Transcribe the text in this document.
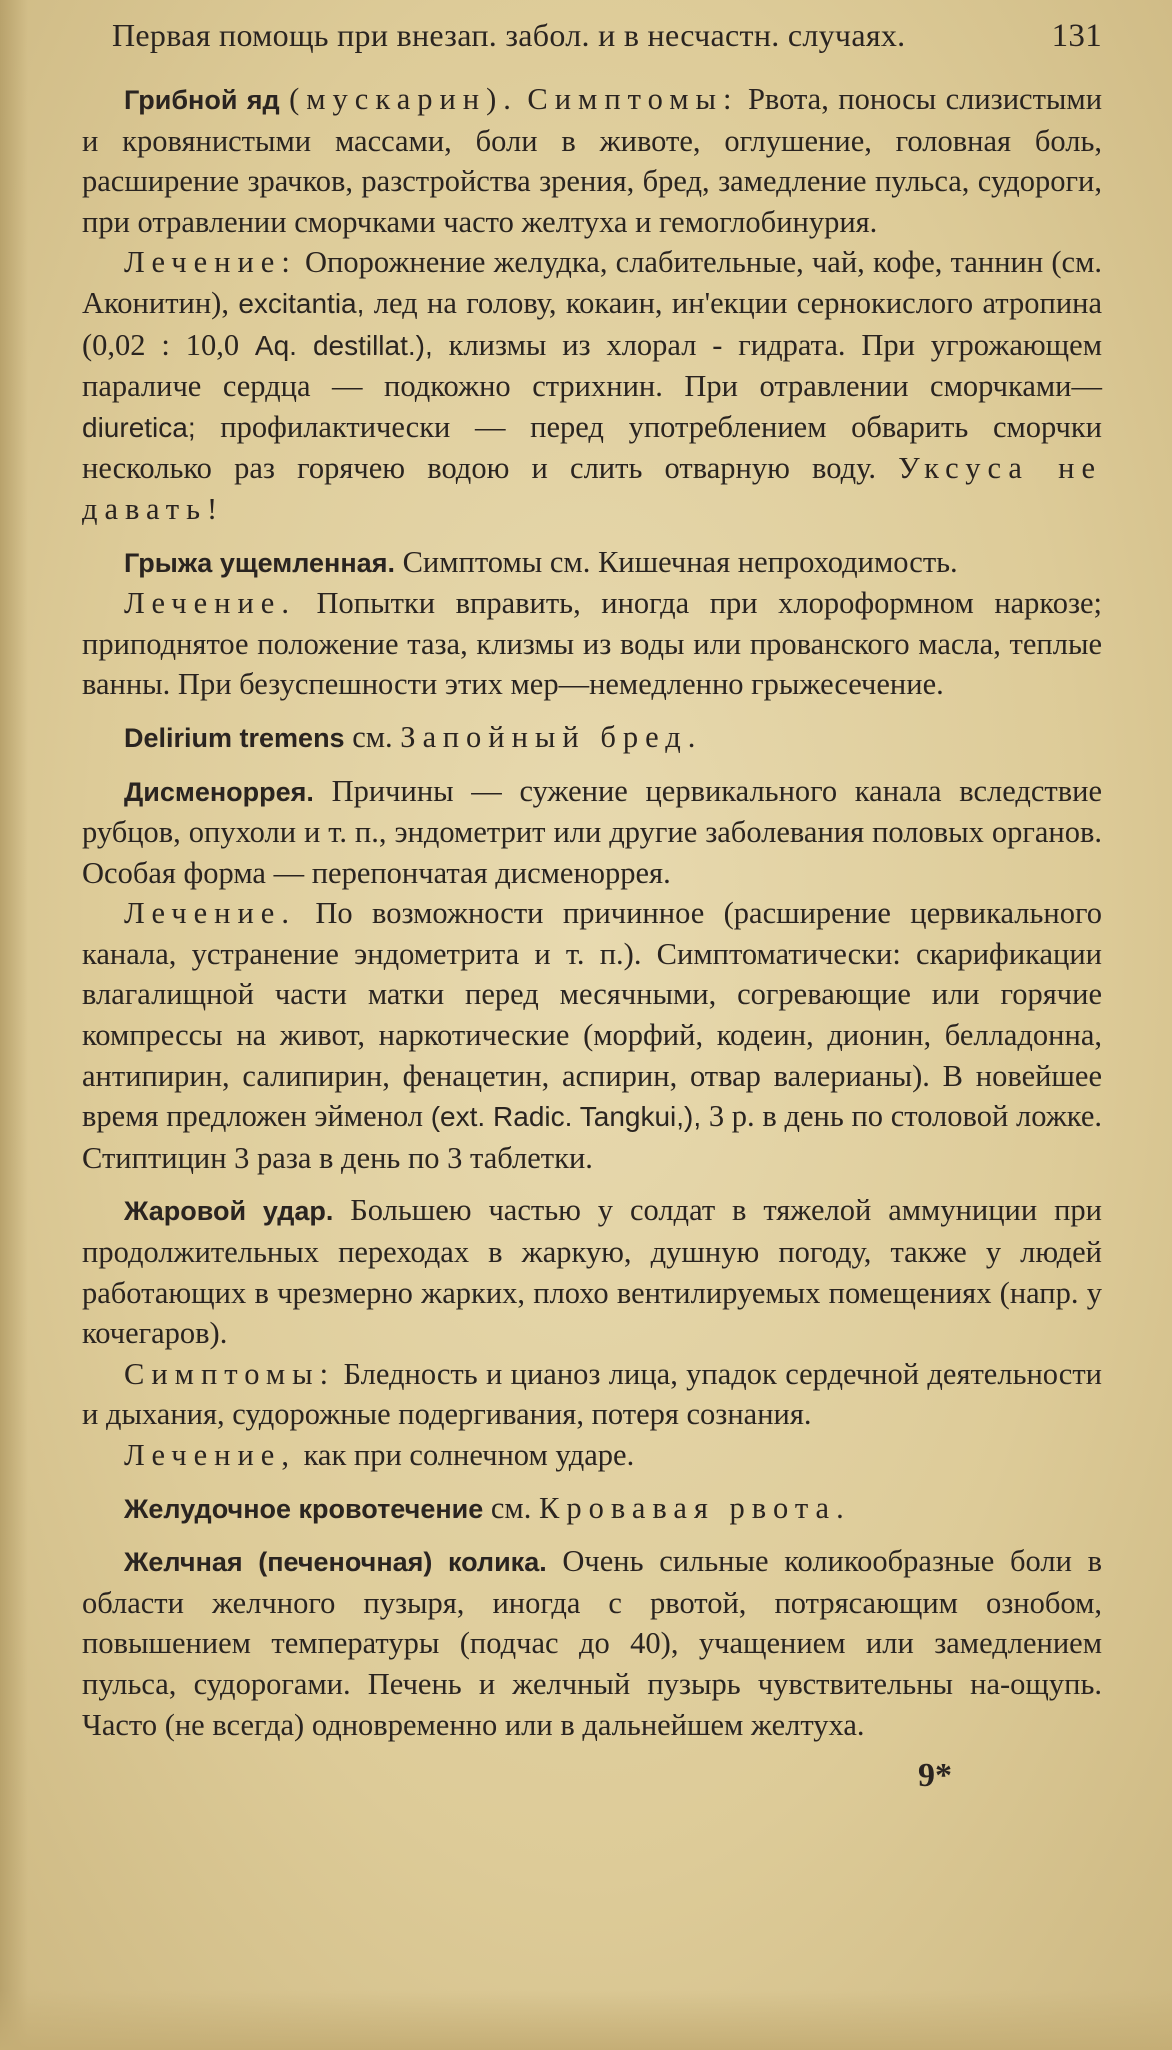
Первая помощь при внезап. забол. и в несчастн. случаях.	131

Грибной яд (мускарин). Симптомы: Рвота, поносы слизистыми и кровянистыми массами, боли в животе, оглушение, головная боль, расширение зрачков, разстройства зрения, бред, замедление пульса, судороги, при отравлении сморчками часто желтуха и гемоглобинурия.

Лечение: Опорожнение желудка, слабительные, чай, кофе, таннин (см. Аконитин), excitantia, лед на голову, кокаин, ин'екции сернокислого атропина (0,02 : 10,0 Aq. destillat.), клизмы из хлорал - гидрата. При угрожающем параличе сердца — подкожно стрихнин. При отравлении сморчками—diuretica; профилактически — перед употреблением обварить сморчки несколько раз горячею водою и слить отварную воду. Уксуса не давать!

Грыжа ущемленная. Симптомы см. Кишечная непроходимость.

Лечение. Попытки вправить, иногда при хлороформном наркозе; приподнятое положение таза, клизмы из воды или прованского масла, теплые ванны. При безуспешности этих мер—немедленно грыжесечение.

Delirium tremens см. Запойный бред.

Дисменоррея. Причины — сужение цервикального канала вследствие рубцов, опухоли и т. п., эндометрит или другие заболевания половых органов. Особая форма — перепончатая дисменоррея.

Лечение. По возможности причинное (расширение цервикального канала, устранение эндометрита и т. п.). Симптоматически: скарификации влагалищной части матки перед месячными, согревающие или горячие компрессы на живот, наркотические (морфий, кодеин, дионин, белладонна, антипирин, салипирин, фенацетин, аспирин, отвар валерианы). В новейшее время предложен эйменол (ext. Radic. Tangkui,), 3 р. в день по столовой ложке. Стиптицин 3 раза в день по 3 таблетки.

Жаровой удар. Большею частью у солдат в тяжелой аммуниции при продолжительных переходах в жаркую, душную погоду, также у людей работающих в чрезмерно жарких, плохо вентилируемых помещениях (напр. у кочегаров).

Симптомы: Бледность и цианоз лица, упадок сердечной деятельности и дыхания, судорожные подергивания, потеря сознания.

Лечение, как при солнечном ударе.

Желудочное кровотечение см. Кровавая рвота.

Желчная (печеночная) колика. Очень сильные коликообразные боли в области желчного пузыря, иногда с рвотой, потрясающим ознобом, повышением температуры (подчас до 40), учащением или замедлением пульса, судорогами. Печень и желчный пузырь чувствительны на-ощупь. Часто (не всегда) одновременно или в дальнейшем желтуха.

9*
